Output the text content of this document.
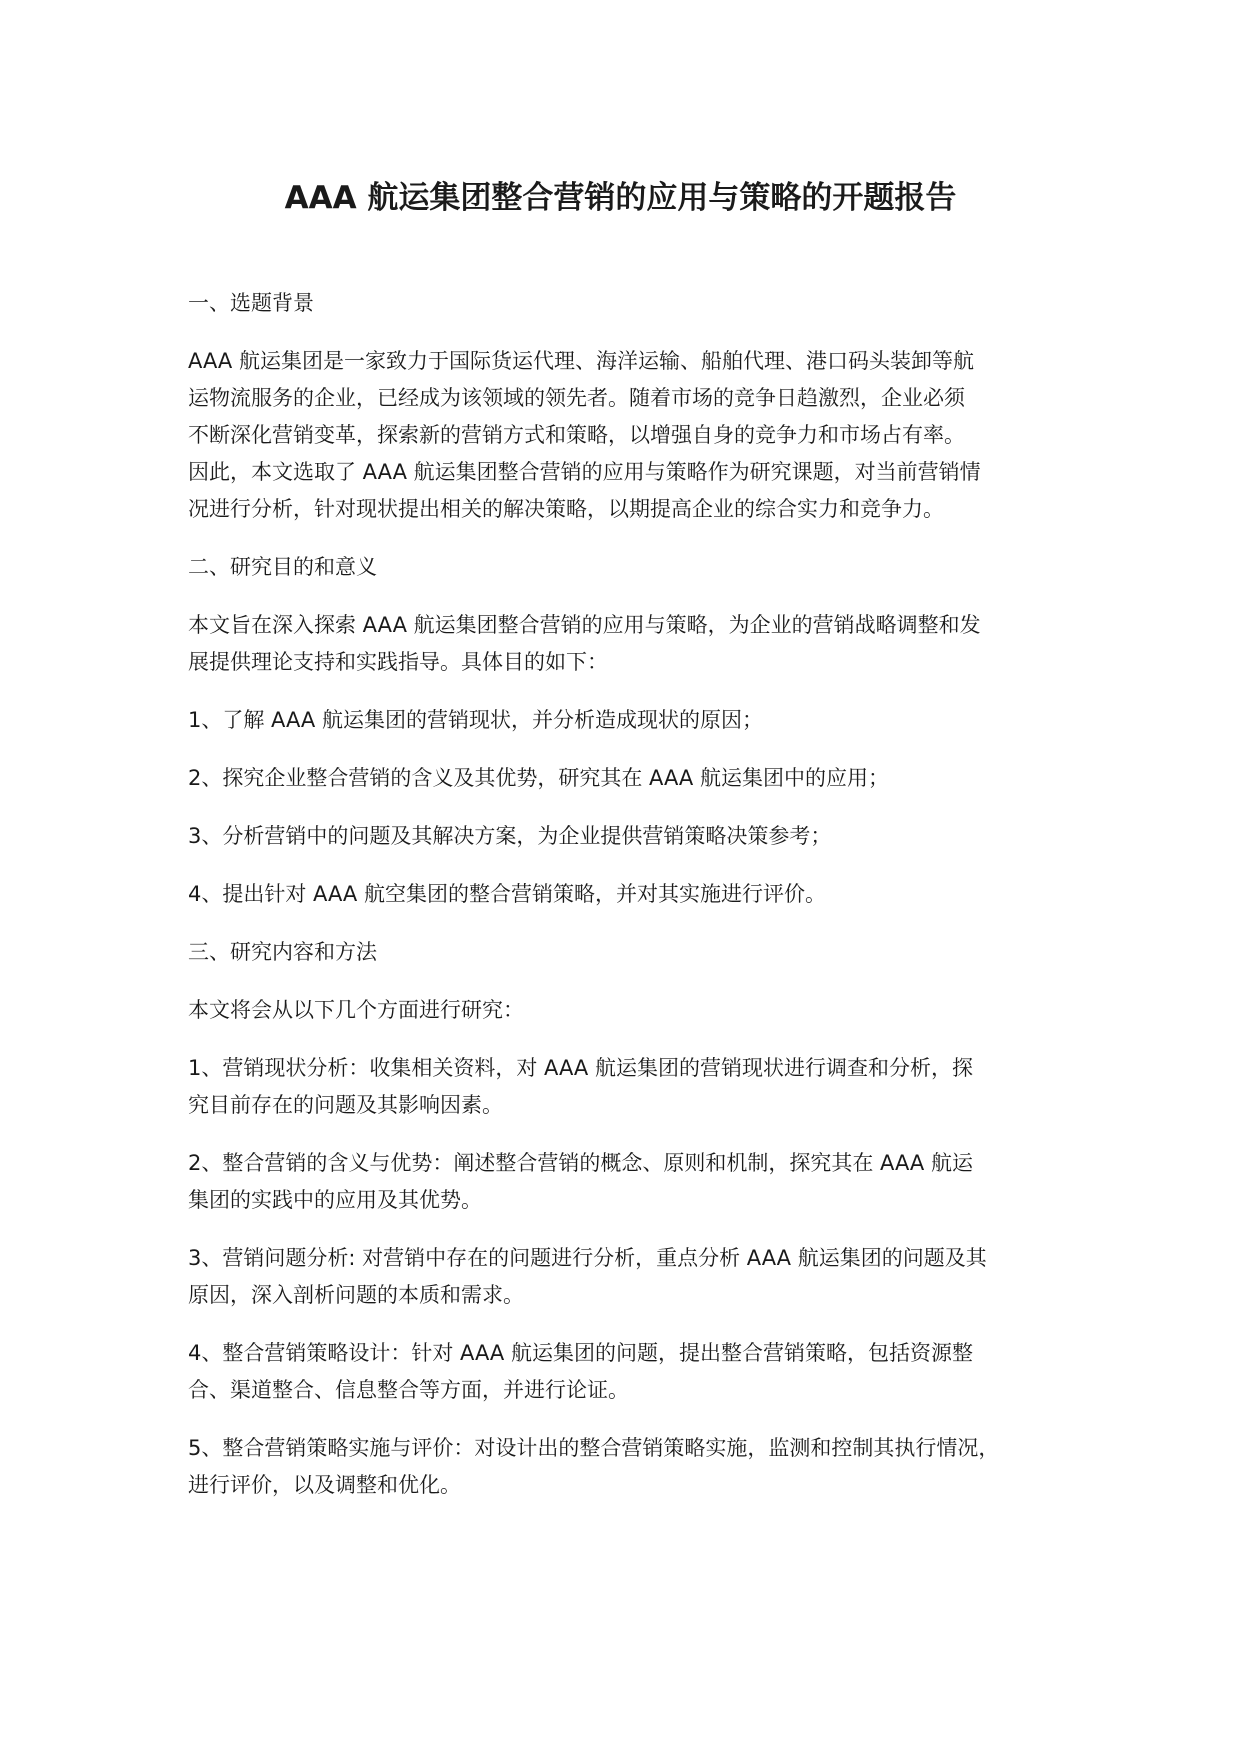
AAA 航运集团整合营销的应用与策略的开题报告

一、选题背景

AAA 航运集团是一家致力于国际货运代理、海洋运输、船舶代理、港口码头装卸等航
运物流服务的企业，已经成为该领域的领先者。随着市场的竞争日趋激烈，企业必须
不断深化营销变革，探索新的营销方式和策略，以增强自身的竞争力和市场占有率。
因此，本文选取了 AAA 航运集团整合营销的应用与策略作为研究课题，对当前营销情
况进行分析，针对现状提出相关的解决策略，以期提高企业的综合实力和竞争力。

二、研究目的和意义

本文旨在深入探索 AAA 航运集团整合营销的应用与策略，为企业的营销战略调整和发
展提供理论支持和实践指导。具体目的如下：

1、了解 AAA 航运集团的营销现状，并分析造成现状的原因；

2、探究企业整合营销的含义及其优势，研究其在 AAA 航运集团中的应用；

3、分析营销中的问题及其解决方案，为企业提供营销策略决策参考；

4、提出针对 AAA 航空集团的整合营销策略，并对其实施进行评价。

三、研究内容和方法

本文将会从以下几个方面进行研究：

1、营销现状分析：收集相关资料，对 AAA 航运集团的营销现状进行调查和分析，探
究目前存在的问题及其影响因素。

2、整合营销的含义与优势：阐述整合营销的概念、原则和机制，探究其在 AAA 航运
集团的实践中的应用及其优势。

3、营销问题分析: 对营销中存在的问题进行分析，重点分析 AAA 航运集团的问题及其
原因，深入剖析问题的本质和需求。

4、整合营销策略设计：针对 AAA 航运集团的问题，提出整合营销策略，包括资源整
合、渠道整合、信息整合等方面，并进行论证。

5、整合营销策略实施与评价：对设计出的整合营销策略实施，监测和控制其执行情况，
进行评价，以及调整和优化。
